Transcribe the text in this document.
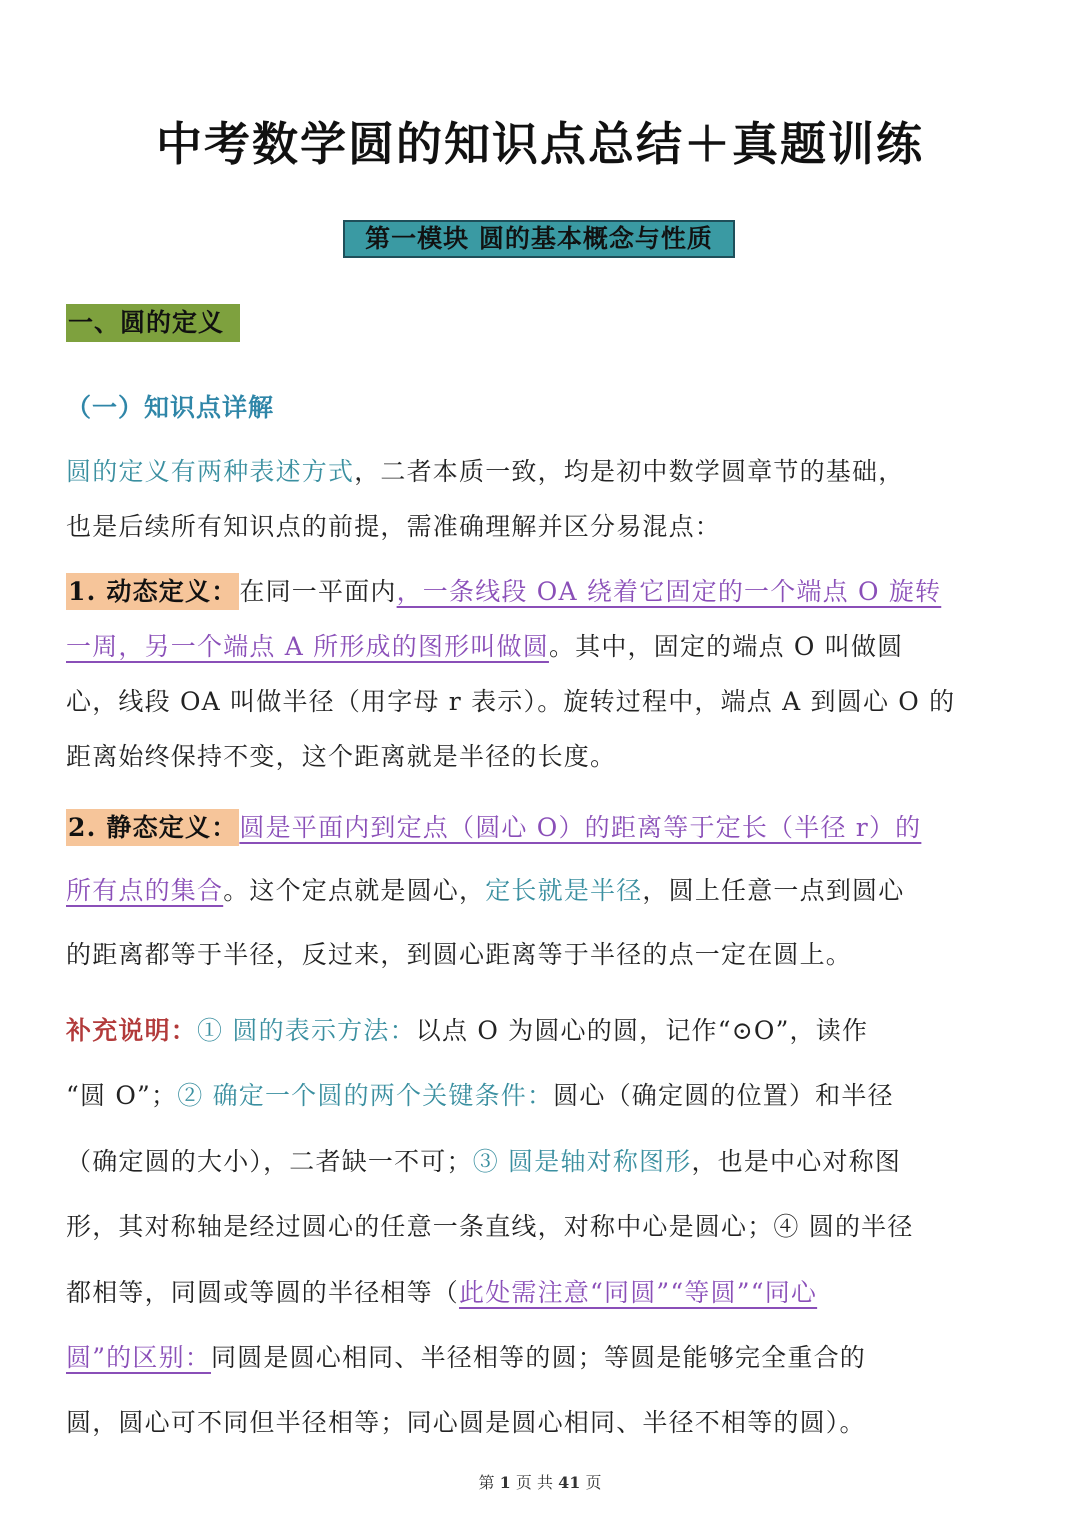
中考数学圆的知识点总结＋真题训练
第一模块 圆的基本概念与性质
一、圆的定义
（一）知识点详解
圆的定义有两种表述方式，二者本质一致，均是初中数学圆章节的基础，
也是后续所有知识点的前提，需准确理解并区分易混点：
1. 动态定义：在同一平面内，一条线段 OA 绕着它固定的一个端点 O 旋转
一周，另一个端点 A 所形成的图形叫做圆。其中，固定的端点 O 叫做圆
心，线段 OA 叫做半径（用字母 r 表示）。旋转过程中，端点 A 到圆心 O 的
距离始终保持不变，这个距离就是半径的长度。
2. 静态定义：圆是平面内到定点（圆心 O）的距离等于定长（半径 r）的
所有点的集合。这个定点就是圆心，定长就是半径，圆上任意一点到圆心
的距离都等于半径，反过来，到圆心距离等于半径的点一定在圆上。
补充说明：① 圆的表示方法：以点 O 为圆心的圆，记作“⊙O”，读作
“圆 O”；② 确定一个圆的两个关键条件：圆心（确定圆的位置）和半径
（确定圆的大小），二者缺一不可；③ 圆是轴对称图形，也是中心对称图
形，其对称轴是经过圆心的任意一条直线，对称中心是圆心；④ 圆的半径
都相等，同圆或等圆的半径相等（此处需注意“同圆”“等圆”“同心
圆”的区别：同圆是圆心相同、半径相等的圆；等圆是能够完全重合的
圆，圆心可不同但半径相等；同心圆是圆心相同、半径不相等的圆）。
第 1 页 共 41 页
